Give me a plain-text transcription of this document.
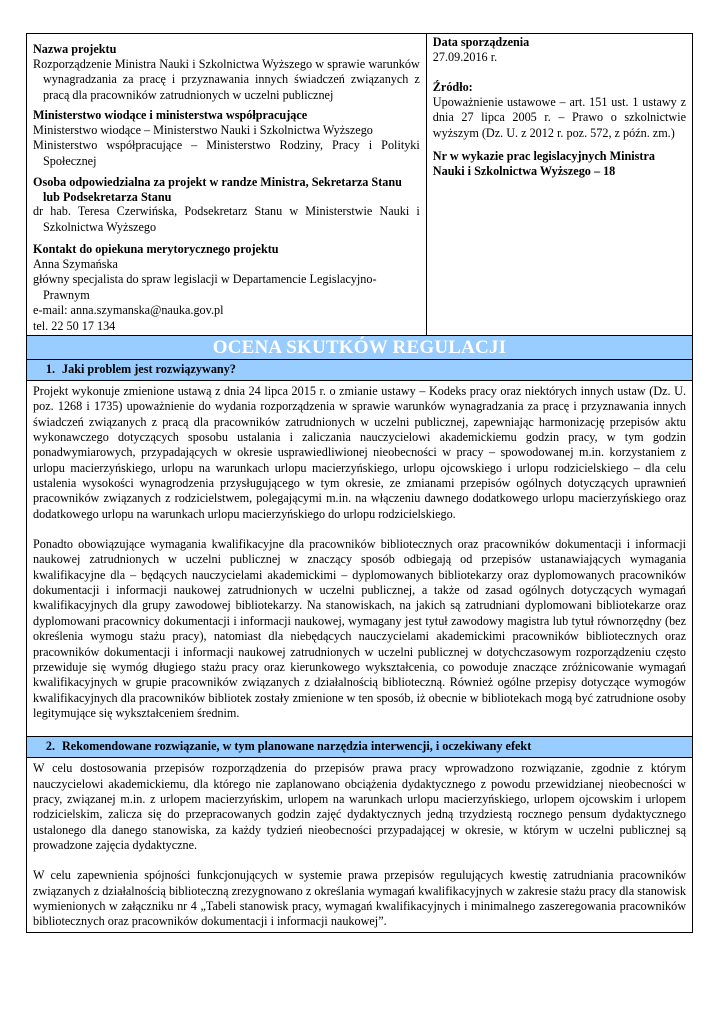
Nazwa projektu

Rozporządzenie Ministra Nauki i Szkolnictwa Wyższego w sprawie warunków wynagradzania za pracę i przyznawania innych świadczeń związanych z pracą dla pracowników zatrudnionych w uczelni publicznej

Ministerstwo wiodące i ministerstwa współpracujące

Ministerstwo wiodące – Ministerstwo Nauki i Szkolnictwa Wyższego

Ministerstwo współpracujące – Ministerstwo Rodziny, Pracy i Polityki Społecznej

Osoba odpowiedzialna za projekt w randze Ministra, Sekretarza Stanu lub Podsekretarza Stanu

dr hab. Teresa Czerwińska, Podsekretarz Stanu w Ministerstwie Nauki i Szkolnictwa Wyższego

Kontakt do opiekuna merytorycznego projektu

Anna Szymańska

główny specjalista do spraw legislacji w Departamencie Legislacyjno-Prawnym

e-mail: anna.szymanska@nauka.gov.pl

tel. 22 50 17 134

Data sporządzenia

27.09.2016 r.

Źródło:

Upoważnienie ustawowe – art. 151 ust. 1 ustawy z dnia 27 lipca 2005 r. – Prawo o szkolnictwie wyższym (Dz. U. z 2012 r. poz. 572, z późn. zm.)

Nr w wykazie prac legislacyjnych Ministra Nauki i Szkolnictwa Wyższego – 18

OCENA SKUTKÓW REGULACJI
1. Jaki problem jest rozwiązywany?

Projekt wykonuje zmienione ustawą z dnia 24 lipca 2015 r. o zmianie ustawy – Kodeks pracy oraz niektórych innych ustaw (Dz. U. poz. 1268 i 1735) upoważnienie do wydania rozporządzenia w sprawie warunków wynagradzania za pracę i przyznawania innych świadczeń związanych z pracą dla pracowników zatrudnionych w uczelni publicznej, zapewniając harmonizację przepisów aktu wykonawczego dotyczących sposobu ustalania i zaliczania nauczycielowi akademickiemu godzin pracy, w tym godzin ponadwymiarowych, przypadających w okresie usprawiedliwionej nieobecności w pracy – spowodowanej m.in. korzystaniem z urlopu macierzyńskiego, urlopu na warunkach urlopu macierzyńskiego, urlopu ojcowskiego i urlopu rodzicielskiego – dla celu ustalenia wysokości wynagrodzenia przysługującego w tym okresie, ze zmianami przepisów ogólnych dotyczących uprawnień pracowników związanych z rodzicielstwem, polegającymi m.in. na włączeniu dawnego dodatkowego urlopu macierzyńskiego oraz dodatkowego urlopu na warunkach urlopu macierzyńskiego do urlopu rodzicielskiego.

Ponadto obowiązujące wymagania kwalifikacyjne dla pracowników bibliotecznych oraz pracowników dokumentacji i informacji naukowej zatrudnionych w uczelni publicznej w znaczący sposób odbiegają od przepisów ustanawiających wymagania kwalifikacyjne dla – będących nauczycielami akademickimi – dyplomowanych bibliotekarzy oraz dyplomowanych pracowników dokumentacji i informacji naukowej zatrudnionych w uczelni publicznej, a także od zasad ogólnych dotyczących wymagań kwalifikacyjnych dla grupy zawodowej bibliotekarzy. Na stanowiskach, na jakich są zatrudniani dyplomowani bibliotekarze oraz dyplomowani pracownicy dokumentacji i informacji naukowej, wymagany jest tytuł zawodowy magistra lub tytuł równorzędny (bez określenia wymogu stażu pracy), natomiast dla niebędących nauczycielami akademickimi pracowników bibliotecznych oraz pracowników dokumentacji i informacji naukowej zatrudnionych w uczelni publicznej w dotychczasowym rozporządzeniu często przewiduje się wymóg długiego stażu pracy oraz kierunkowego wykształcenia, co powoduje znaczące zróżnicowanie wymagań kwalifikacyjnych w grupie pracowników związanych z działalnością biblioteczną. Również ogólne przepisy dotyczące wymogów kwalifikacyjnych dla pracowników bibliotek zostały zmienione w ten sposób, iż obecnie w bibliotekach mogą być zatrudnione osoby legitymujące się wykształceniem średnim.

2. Rekomendowane rozwiązanie, w tym planowane narzędzia interwencji, i oczekiwany efekt

W celu dostosowania przepisów rozporządzenia do przepisów prawa pracy wprowadzono rozwiązanie, zgodnie z którym nauczycielowi akademickiemu, dla którego nie zaplanowano obciążenia dydaktycznego z powodu przewidzianej nieobecności w pracy, związanej m.in. z urlopem macierzyńskim, urlopem na warunkach urlopu macierzyńskiego, urlopem ojcowskim i urlopem rodzicielskim, zalicza się do przepracowanych godzin zajęć dydaktycznych jedną trzydziestą rocznego pensum dydaktycznego ustalonego dla danego stanowiska, za każdy tydzień nieobecności przypadającej w okresie, w którym w uczelni publicznej są prowadzone zajęcia dydaktyczne.

W celu zapewnienia spójności funkcjonujących w systemie prawa przepisów regulujących kwestię zatrudniania pracowników związanych z działalnością biblioteczną zrezygnowano z określania wymagań kwalifikacyjnych w zakresie stażu pracy dla stanowisk wymienionych w załączniku nr 4 „Tabeli stanowisk pracy, wymagań kwalifikacyjnych i minimalnego zaszeregowania pracowników bibliotecznych oraz pracowników dokumentacji i informacji naukowej”.
